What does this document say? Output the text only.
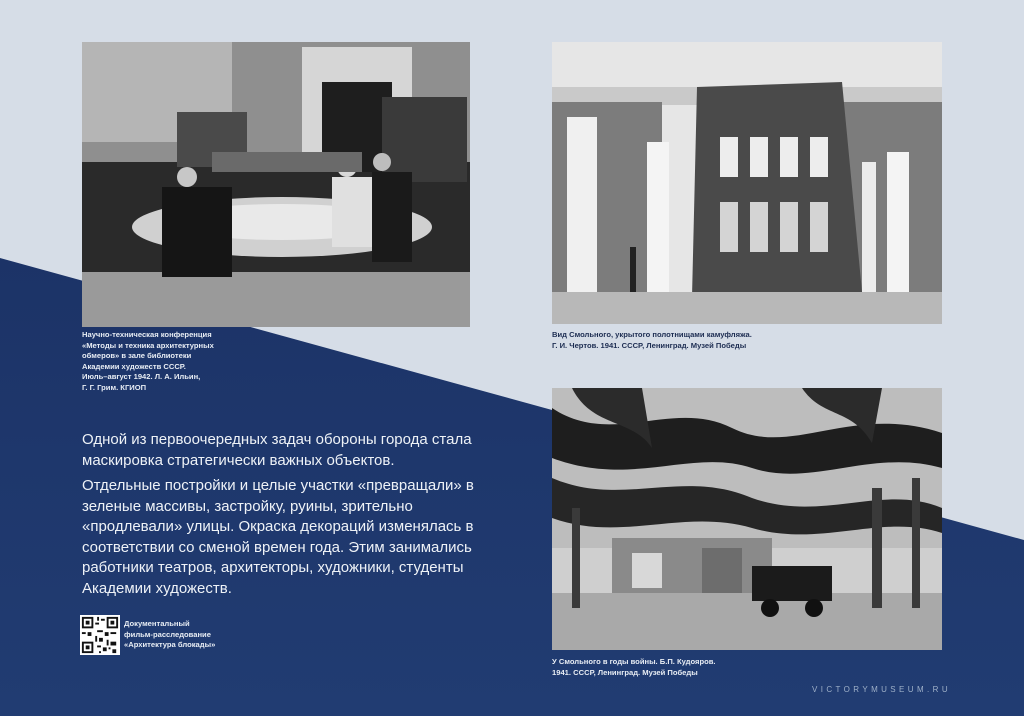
Научно-техническая конференция
«Методы и техника архитектурных
обмеров» в зале библиотеки
Академии художеств СССР.
Июль–август 1942. Л. А. Ильин,
Г. Г. Грим. КГИОП
Вид Смольного, укрытого полотнищами камуфляжа.
Г. И. Чертов. 1941. СССР, Ленинград. Музей Победы
У Смольного в годы войны. Б.П. Кудояров.
1941. СССР, Ленинград. Музей Победы
Одной из первоочередных задач обороны города стала маскировка стратегически важных объектов.
Отдельные постройки и целые участки «превращали» в зеленые массивы, застройку, руины, зрительно «продлевали» улицы. Окраска декораций изменялась в соответствии со сменой времен года. Этим занимались работники театров, архитекторы, художники, студенты Академии художеств.
Документальный
фильм-расследование
«Архитектура блокады»
VICTORYMUSEUM.RU
